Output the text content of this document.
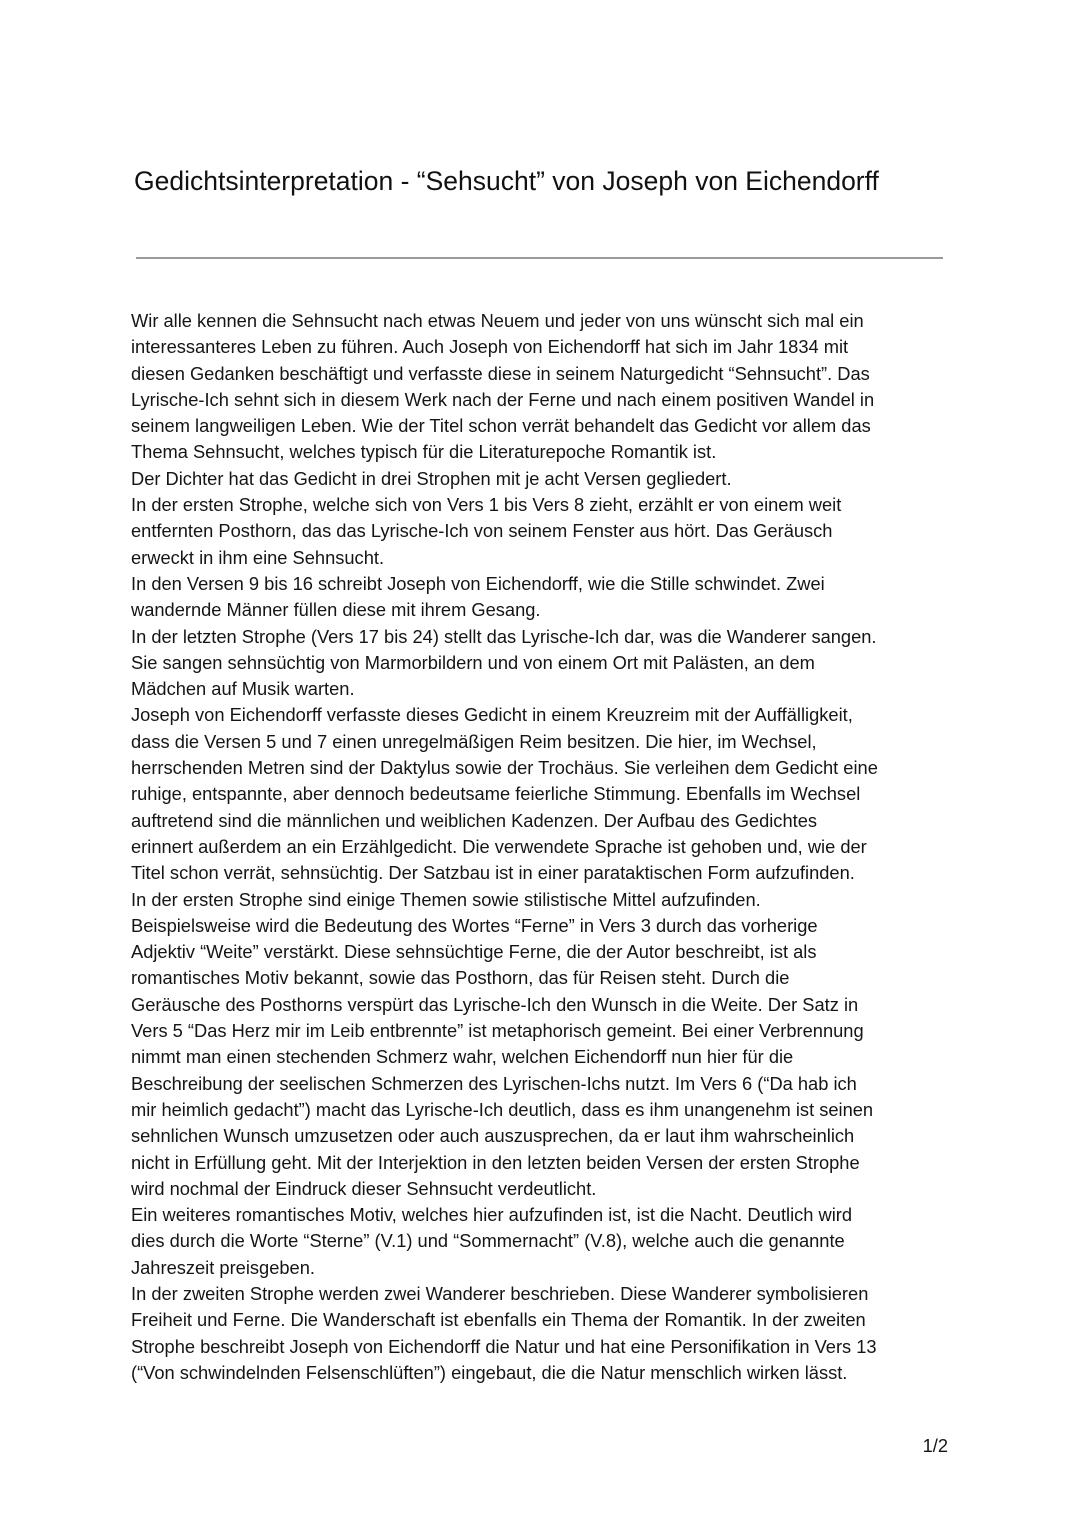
Gedichtsinterpretation - “Sehsucht” von Joseph von Eichendorff
Wir alle kennen die Sehnsucht nach etwas Neuem und jeder von uns wünscht sich mal ein
interessanteres Leben zu führen. Auch Joseph von Eichendorff hat sich im Jahr 1834 mit
diesen Gedanken beschäftigt und verfasste diese in seinem Naturgedicht “Sehnsucht”. Das
Lyrische-Ich sehnt sich in diesem Werk nach der Ferne und nach einem positiven Wandel in
seinem langweiligen Leben. Wie der Titel schon verrät behandelt das Gedicht vor allem das
Thema Sehnsucht, welches typisch für die Literaturepoche Romantik ist.
Der Dichter hat das Gedicht in drei Strophen mit je acht Versen gegliedert.
In der ersten Strophe, welche sich von Vers 1 bis Vers 8 zieht, erzählt er von einem weit
entfernten Posthorn, das das Lyrische-Ich von seinem Fenster aus hört. Das Geräusch
erweckt in ihm eine Sehnsucht.
In den Versen 9 bis 16 schreibt Joseph von Eichendorff, wie die Stille schwindet. Zwei
wandernde Männer füllen diese mit ihrem Gesang.
In der letzten Strophe (Vers 17 bis 24) stellt das Lyrische-Ich dar, was die Wanderer sangen.
Sie sangen sehnsüchtig von Marmorbildern und von einem Ort mit Palästen, an dem
Mädchen auf Musik warten.
Joseph von Eichendorff verfasste dieses Gedicht in einem Kreuzreim mit der Auffälligkeit,
dass die Versen 5 und 7 einen unregelmäßigen Reim besitzen. Die hier, im Wechsel,
herrschenden Metren sind der Daktylus sowie der Trochäus. Sie verleihen dem Gedicht eine
ruhige, entspannte, aber dennoch bedeutsame feierliche Stimmung. Ebenfalls im Wechsel
auftretend sind die männlichen und weiblichen Kadenzen. Der Aufbau des Gedichtes
erinnert außerdem an ein Erzählgedicht. Die verwendete Sprache ist gehoben und, wie der
Titel schon verrät, sehnsüchtig. Der Satzbau ist in einer parataktischen Form aufzufinden.
In der ersten Strophe sind einige Themen sowie stilistische Mittel aufzufinden.
Beispielsweise wird die Bedeutung des Wortes “Ferne” in Vers 3 durch das vorherige
Adjektiv “Weite” verstärkt. Diese sehnsüchtige Ferne, die der Autor beschreibt, ist als
romantisches Motiv bekannt, sowie das Posthorn, das für Reisen steht. Durch die
Geräusche des Posthorns verspürt das Lyrische-Ich den Wunsch in die Weite. Der Satz in
Vers 5 “Das Herz mir im Leib entbrennte” ist metaphorisch gemeint. Bei einer Verbrennung
nimmt man einen stechenden Schmerz wahr, welchen Eichendorff nun hier für die
Beschreibung der seelischen Schmerzen des Lyrischen-Ichs nutzt. Im Vers 6 (“Da hab ich
mir heimlich gedacht”) macht das Lyrische-Ich deutlich, dass es ihm unangenehm ist seinen
sehnlichen Wunsch umzusetzen oder auch auszusprechen, da er laut ihm wahrscheinlich
nicht in Erfüllung geht. Mit der Interjektion in den letzten beiden Versen der ersten Strophe
wird nochmal der Eindruck dieser Sehnsucht verdeutlicht.
Ein weiteres romantisches Motiv, welches hier aufzufinden ist, ist die Nacht. Deutlich wird
dies durch die Worte “Sterne” (V.1) und “Sommernacht” (V.8), welche auch die genannte
Jahreszeit preisgeben.
In der zweiten Strophe werden zwei Wanderer beschrieben. Diese Wanderer symbolisieren
Freiheit und Ferne. Die Wanderschaft ist ebenfalls ein Thema der Romantik. In der zweiten
Strophe beschreibt Joseph von Eichendorff die Natur und hat eine Personifikation in Vers 13
(“Von schwindelnden Felsenschlüften”) eingebaut, die die Natur menschlich wirken lässt.
1/2
